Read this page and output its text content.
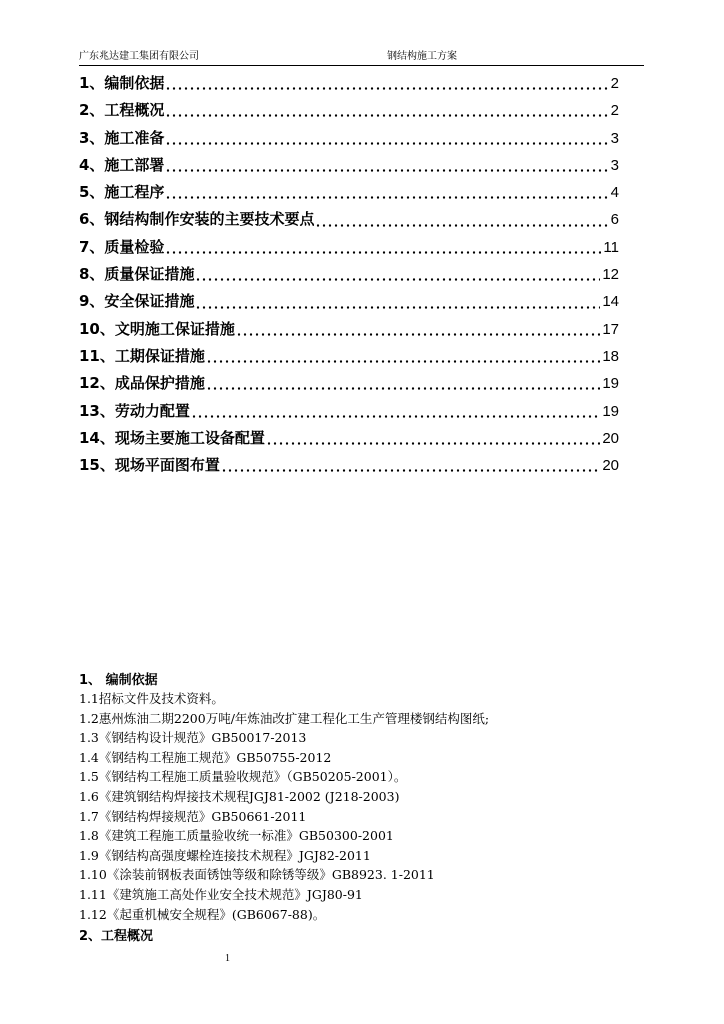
广东兆达建工集团有限公司	钢结构施工方案
1、编制依据	2
2、工程概况	2
3、施工准备	3
4、施工部署	3
5、施工程序	4
6、钢结构制作安装的主要技术要点	6
7、质量检验	11
8、质量保证措施	12
9、安全保证措施	14
10、文明施工保证措施	17
11、工期保证措施	18
12、成品保护措施	19
13、劳动力配置	19
14、现场主要施工设备配置	20
15、现场平面图布置	20
1、 编制依据
1.1招标文件及技术资料。
1.2惠州炼油二期2200万吨/年炼油改扩建工程化工生产管理楼钢结构图纸;
1.3《钢结构设计规范》GB50017-2013
1.4《钢结构工程施工规范》GB50755-2012
1.5《钢结构工程施工质量验收规范》（GB50205-2001）。
1.6《建筑钢结构焊接技术规程JGJ81-2002 (J218-2003)
1.7《钢结构焊接规范》GB50661-2011
1.8《建筑工程施工质量验收统一标准》GB50300-2001
1.9《钢结构高强度螺栓连接技术规程》JGJ82-2011
1.10《涂装前钢板表面锈蚀等级和除锈等级》GB8923. 1-2011
1.11《建筑施工高处作业安全技术规范》JGJ80-91
1.12《起重机械安全规程》(GB6067-88)。
2、工程概况
1
